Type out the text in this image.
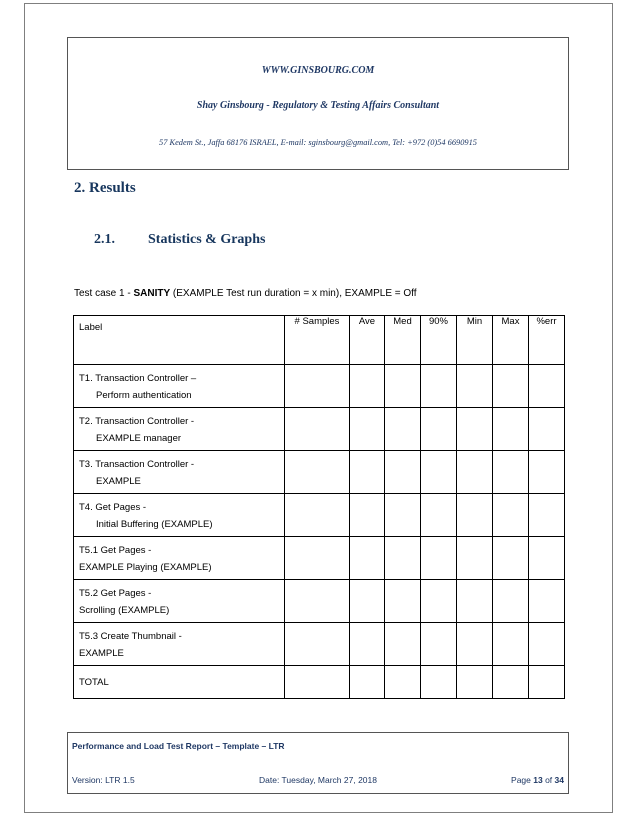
WWW.GINSBOURG.COM
Shay Ginsbourg - Regulatory & Testing Affairs Consultant
57 Kedem St., Jaffa 68176 ISRAEL, E-mail: sginsbourg@gmail.com, Tel: +972 (0)54 6690915
2. Results
2.1. Statistics & Graphs
Test case 1 - SANITY (EXAMPLE Test run duration = x min), EXAMPLE = Off
Label	# Samples	Ave	Med	90%	Min	Max	%err

T1. Transaction Controller –
Perform authentication							

T2. Transaction Controller -
EXAMPLE manager							

T3. Transaction Controller -
EXAMPLE							

T4. Get Pages -
Initial Buffering (EXAMPLE)							

T5.1 Get Pages -
EXAMPLE Playing (EXAMPLE)							

T5.2 Get Pages -
Scrolling (EXAMPLE)							

T5.3 Create Thumbnail -
EXAMPLE							

TOTAL							
Performance and Load Test Report – Template – LTR
Version: LTR 1.5	Date: Tuesday, March 27, 2018	Page 13 of 34
